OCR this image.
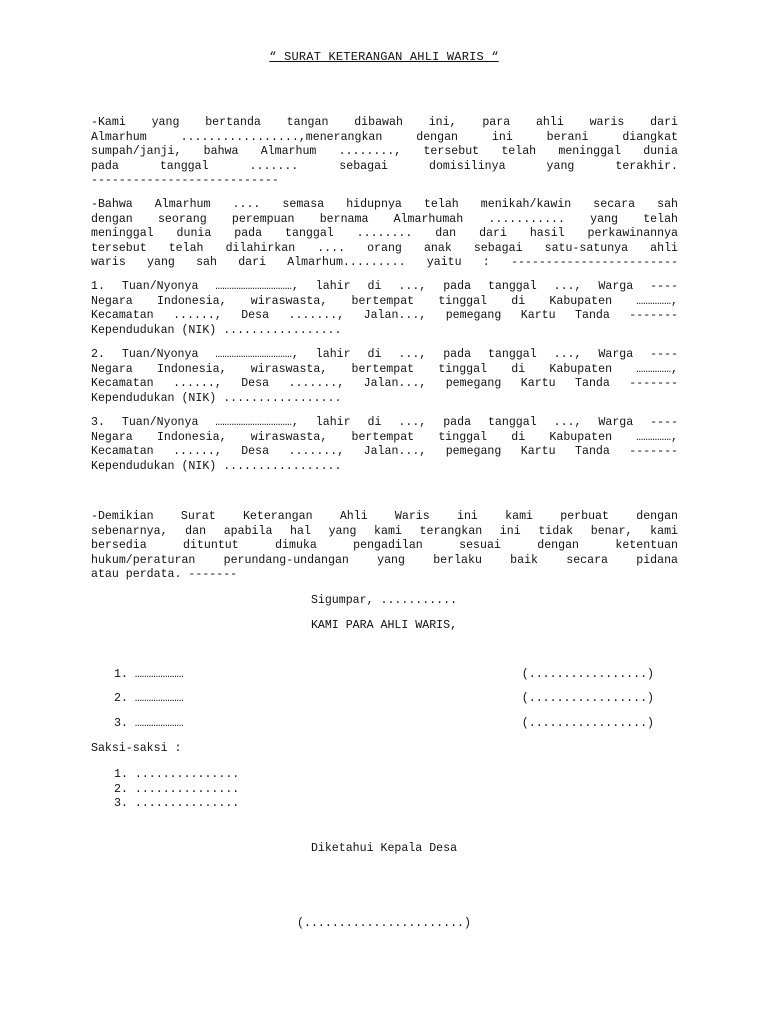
“ SURAT KETERANGAN AHLI WARIS “
-Kami yang bertanda tangan dibawah ini, para ahli waris dari
Almarhum .................,menerangkan dengan ini berani diangkat
sumpah/janji, bahwa Almarhum ........, tersebut telah meninggal dunia
pada tanggal ....... sebagai domisilinya yang terakhir.
---------------------------
-Bahwa Almarhum .... semasa hidupnya telah menikah/kawin secara sah
dengan seorang perempuan bernama Almarhumah ........... yang telah
meninggal dunia pada tanggal ........ dan dari hasil perkawinannya
tersebut telah dilahirkan .... orang anak sebagai satu-satunya ahli
waris yang sah dari Almarhum......... yaitu : ------------------------
1. Tuan/Nyonya ……………………………, lahir di ..., pada tanggal ..., Warga ----
Negara Indonesia, wiraswasta, bertempat tinggal di Kabupaten ……………,
Kecamatan ......, Desa ......., Jalan..., pemegang Kartu Tanda -------
Kependudukan (NIK) .................
2. Tuan/Nyonya ……………………………, lahir di ..., pada tanggal ..., Warga ----
Negara Indonesia, wiraswasta, bertempat tinggal di Kabupaten ……………,
Kecamatan ......, Desa ......., Jalan..., pemegang Kartu Tanda -------
Kependudukan (NIK) .................
3. Tuan/Nyonya ……………………………, lahir di ..., pada tanggal ..., Warga ----
Negara Indonesia, wiraswasta, bertempat tinggal di Kabupaten ……………,
Kecamatan ......, Desa ......., Jalan..., pemegang Kartu Tanda -------
Kependudukan (NIK) .................
-Demikian Surat Keterangan Ahli Waris ini kami perbuat dengan
sebenarnya, dan apabila hal yang kami terangkan ini tidak benar, kami
bersedia dituntut dimuka pengadilan sesuai dengan ketentuan
hukum/peraturan perundang-undangan yang berlaku baik secara pidana
atau perdata. -------
Sigumpar, ...........
KAMI PARA AHLI WARIS,
1. …………………	(.................)
2. …………………	(.................)
3. …………………	(.................)
Saksi-saksi :
1. ...............
2. ...............
3. ...............
Diketahui Kepala Desa
(.......................)
